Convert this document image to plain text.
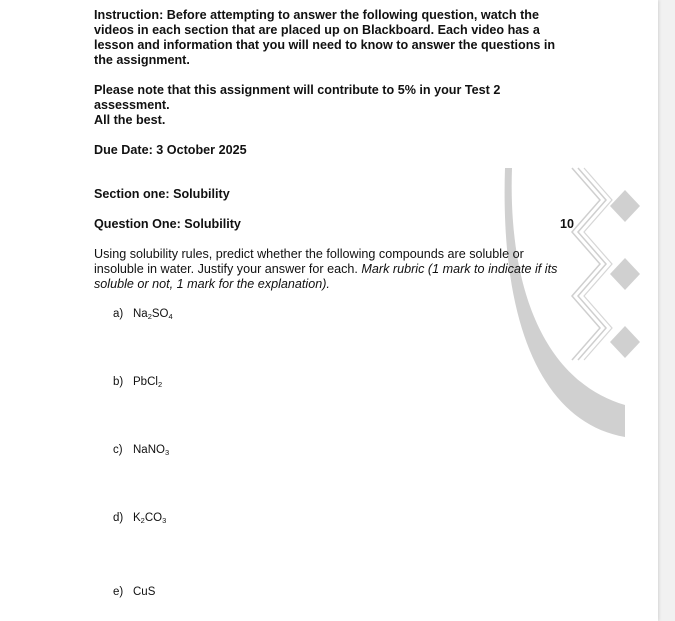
Instruction: Before attempting to answer the following question, watch the videos in each section that are placed up on Blackboard. Each video has a lesson and information that you will need to know to answer the questions in the assignment.

Please note that this assignment will contribute to 5% in your Test 2 assessment.
All the best.

Due Date: 3 October 2025

Section one: Solubility

Question One: Solubility	10

Using solubility rules, predict whether the following compounds are soluble or insoluble in water. Justify your answer for each. Mark rubric (1 mark to indicate if its soluble or not, 1 mark for the explanation).

a) $Na_2SO_4$
b) PbCl$_2$
c) NaNO$_3$
d) $K_2CO_3$
e) CuS
